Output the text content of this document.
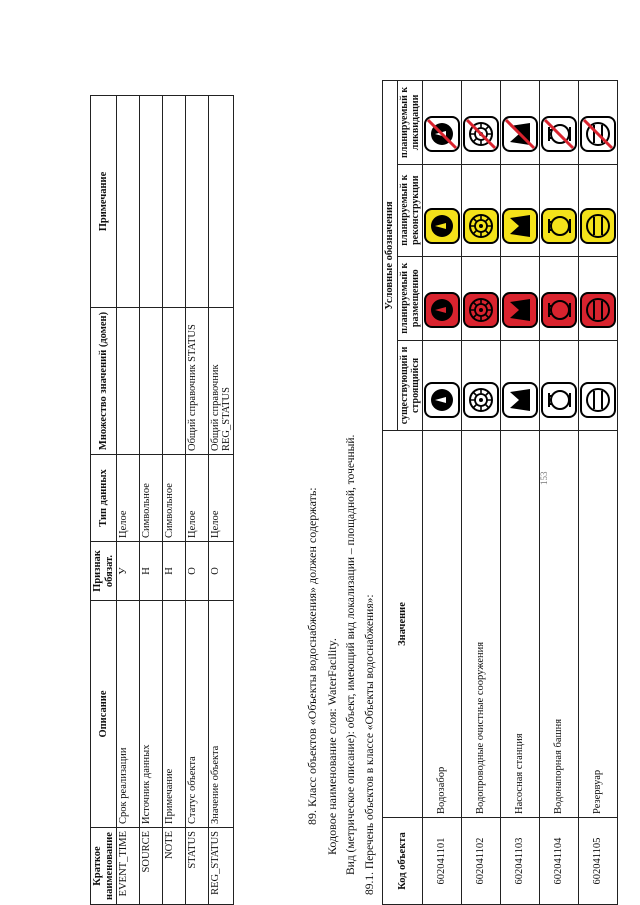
153
Краткое наименование	Описание	Признак обязат.	Тип данных	Множество значений (домен)	Примечание
EVENT_TIME	Срок реализации	У	Целое		
SOURCE	Источник данных	Н	Символьное		
NOTE	Примечание	Н	Символьное		
STATUS	Статус объекта	О	Целое	Общий справочник STATUS	
REG_STATUS	Значение объекта	О	Целое	Общий справочник REG_STATUS	
89. Класс объектов «Объекты водоснабжения» должен содержать: Кодовое наименование слоя: WaterFacility. Вид (метрическое описание): объект, имеющий вид локализации – площадной, точечный. 89.1. Перечень объектов в классе «Объекты водоснабжения»: Код объекта	Значение	Условные обозначения			
		существующий и строящийся	планируемый к размещению	планируемый к реконструкции	планируемый к ликвидации
602041101	Водозабор	

602041102	Водопроводные очистные сооружения	

602041103	Насосная станция	

602041104	Водонапорная башня	

602041105	Резервуар	
